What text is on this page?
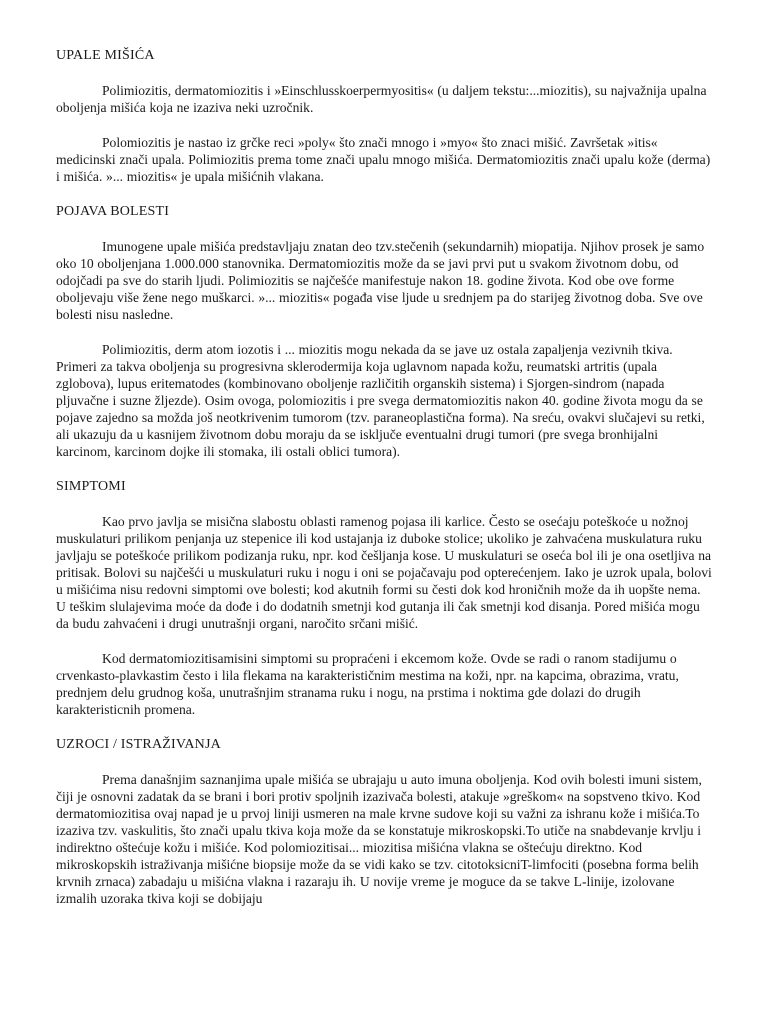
UPALE MIŠIĆA

Polimiozitis, dermatomiozitis i »Einschlusskoerpermyositis« (u daljem tekstu:...miozitis), su najvažnija upalna oboljenja mišića koja ne izaziva neki uzročnik.

Polomiozitis je nastao iz grčke reci »poly« što znači mnogo i »myo« što znaci mišić. Završetak »itis« medicinski znači upala. Polimiozitis prema tome znači upalu mnogo mišića. Dermatomiozitis znači upalu kože (derma) i mišića. »... miozitis« je upala mišićnih vlakana.

POJAVA BOLESTI

Imunogene upale mišića predstavljaju znatan deo tzv.stečenih (sekundarnih) miopatija. Njihov prosek je samo oko 10 obolјenјana 1.000.000 stanovnika. Dermatomiozitis može da se javi prvi put u svakom životnom dobu, od odojčadi pa sve do starih ljudi. Polimiozitis se najčešće manifestuje nakon 18. godine života. Kod obe ove forme oboljevaju više žene nego muškarci. »... miozitis« pogađa vise ljude u srednjem pa do starijeg životnog doba. Sve ove bolesti nisu nasledne.

Polimiozitis, derm atom iozotis i ... miozitis mogu nekada da se jave uz ostala zapaljenja vezivnih tkiva. Primeri za takva oboljenja su progresivna sklerodermija koja uglavnom napada kožu, reumatski artritis (upala zglobova), lupus eritematodes (kombinovano oboljenje različitih organskih sistema) i Sjorgen-sindrom (napada pljuvačne i suzne žljezde). Osim ovoga, polomiozitis i pre svega dermatomiozitis nakon 40. godine života mogu da se pojave zajedno sa možda još neotkrivenim tumorom (tzv. paraneoplastična forma). Na sreću, ovakvi slučajevi su retki, ali ukazuju da u kasnijem životnom dobu moraju da se isključe eventualni drugi tumori (pre svega bronhijalni karcinom, karcinom dojke ili stomaka, ili ostali oblici tumora).

SIMPTOMI

Kao prvo javlja se misična slabostu oblasti ramenog pojasa ili karlice. Često se osećaju poteškoće u nožnoj muskulaturi prilikom penjanja uz stepenice ili kod ustajanja iz duboke stolice; ukoliko je zahvaćena muskulatura ruku javljaju se poteškoće prilikom podizanja ruku, npr. kod češljanja kose. U muskulaturi se oseća bol ili je ona osetljiva na pritisak. Bolovi su najčešći u muskulaturi ruku i nogu i oni se pojačavaju pod opterećenjem. Iako je uzrok upala, bolovi u mišićima nisu redovni simptomi ove bolesti; kod akutnih formi su česti dok kod hroničnih može da ih uopšte nema. U teškim slulajevima moće da dođe i do dodatnih smetnji kod gutanja ili čak smetnji kod disanja. Pored mišića mogu da budu zahvaćeni i drugi unutrašnji organi, naročito srčani mišić.

Kod dermatomiozitisamisini simptomi su propraćeni i ekcemom kože. Ovde se radi o ranom stadijumu o crvenkasto-plavkastim često i lila flekama na karakterističnim mestima na koži, npr. na kapcima, obrazima, vratu, prednjem delu grudnog koša, unutrašnjim stranama ruku i nogu, na prstima i noktima gde dolazi do drugih karakteristicnih promena.

UZROCI / ISTRAŽIVANJA

Prema današnjim saznanjima upale mišića se ubrajaju u auto imuna oboljenja. Kod ovih bolesti imuni sistem, čiji je osnovni zadatak da se brani i bori protiv spoljnih izazivača bolesti, atakuje »greškom« na sopstveno tkivo. Kod dermatomiozitisa ovaj napad je u prvoj liniji usmeren na male krvne sudove koji su važni za ishranu kože i mišića.To izaziva tzv. vaskulitis, što znači upalu tkiva koja može da se konstatuje mikroskopski.To utiče na snabdevanje krvlju i indirektno oštećuje kožu i mišiće. Kod polomiozitisai... miozitisa mišićna vlakna se oštećuju direktno. Kod mikroskopskih istraživanja mišićne biopsije može da se vidi kako se tzv. citotoksicniT-limfociti (posebna forma belih krvnih zrnaca) zabadaju u mišićna vlakna i razaraju ih. U novije vreme je moguce da se takve L-linije, izolovane izmalih uzoraka tkiva koji se dobijaju
